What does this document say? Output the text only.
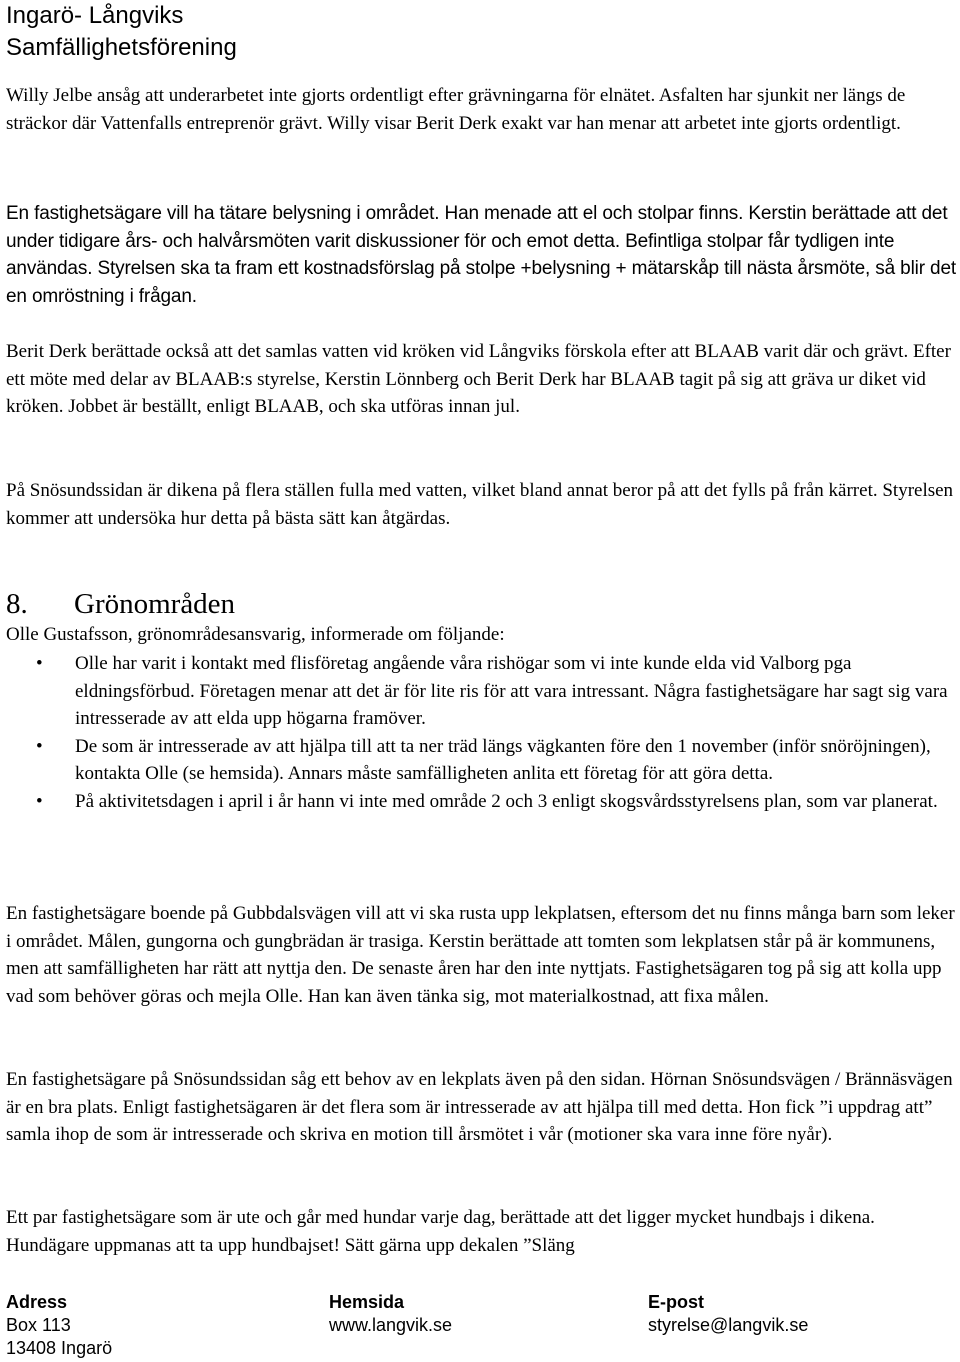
Ingarö- Långviks
Samfällighetsförening

Willy Jelbe ansåg att underarbetet inte gjorts ordentligt efter grävningarna för elnätet. Asfalten har sjunkit ner längs de sträckor där Vattenfalls entreprenör grävt. Willy visar Berit Derk exakt var han menar att arbetet inte gjorts ordentligt.

En fastighetsägare vill ha tätare belysning i området. Han menade att el och stolpar finns. Kerstin berättade att det under tidigare års- och halvårsmöten varit diskussioner för och emot detta. Befintliga stolpar får tydligen inte användas. Styrelsen ska ta fram ett kostnadsförslag på stolpe +belysning + mätarskåp till nästa årsmöte, så blir det en omröstning i frågan.

Berit Derk berättade också att det samlas vatten vid kröken vid Långviks förskola efter att BLAAB varit där och grävt. Efter ett möte med delar av BLAAB:s styrelse, Kerstin Lönnberg och Berit Derk har BLAAB tagit på sig att gräva ur diket vid kröken. Jobbet är beställt, enligt BLAAB, och ska utföras innan jul.

På Snösundssidan är dikena på flera ställen fulla med vatten, vilket bland annat beror på att det fylls på från kärret. Styrelsen kommer att undersöka hur detta på bästa sätt kan åtgärdas.

8. Grönområden

Olle Gustafsson, grönområdesansvarig, informerade om följande:

• Olle har varit i kontakt med flisföretag angående våra rishögar som vi inte kunde elda vid Valborg pga eldningsförbud. Företagen menar att det är för lite ris för att vara intressant. Några fastighetsägare har sagt sig vara intresserade av att elda upp högarna framöver.
• De som är intresserade av att hjälpa till att ta ner träd längs vägkanten före den 1 november (inför snöröjningen), kontakta Olle (se hemsida). Annars måste samfälligheten anlita ett företag för att göra detta.
• På aktivitetsdagen i april i år hann vi inte med område 2 och 3 enligt skogsvårdsstyrelsens plan, som var planerat.

En fastighetsägare boende på Gubbdalsvägen vill att vi ska rusta upp lekplatsen, eftersom det nu finns många barn som leker i området. Målen, gungorna och gungbrädan är trasiga. Kerstin berättade att tomten som lekplatsen står på är kommunens, men att samfälligheten har rätt att nyttja den. De senaste åren har den inte nyttjats. Fastighetsägaren tog på sig att kolla upp vad som behöver göras och mejla Olle. Han kan även tänka sig, mot materialkostnad, att fixa målen.

En fastighetsägare på Snösundssidan såg ett behov av en lekplats även på den sidan. Hörnan Snösundsvägen / Brännäsvägen är en bra plats. Enligt fastighetsägaren är det flera som är intresserade av att hjälpa till med detta. Hon fick ”i uppdrag att” samla ihop de som är intresserade och skriva en motion till årsmötet i vår (motioner ska vara inne före nyår).

Ett par fastighetsägare som är ute och går med hundar varje dag, berättade att det ligger mycket hundbajs i dikena. Hundägare uppmanas att ta upp hundbajset! Sätt gärna upp dekalen ”Släng

Adress
Box 113
13408 Ingarö
Hemsida
www.langvik.se
E-post
styrelse@langvik.se
